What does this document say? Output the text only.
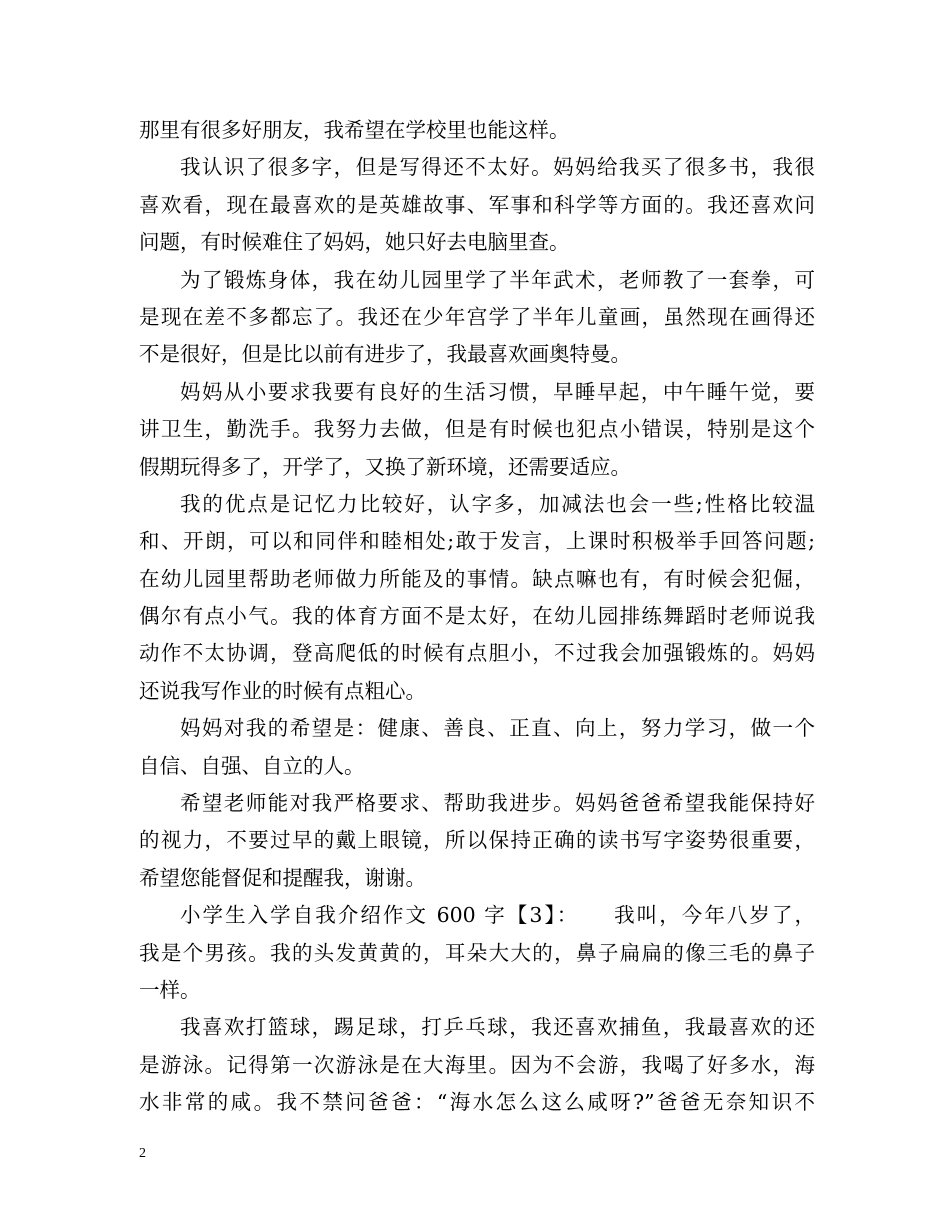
那里有很多好朋友，我希望在学校里也能这样。
我认识了很多字，但是写得还不太好。妈妈给我买了很多书，我很
喜欢看，现在最喜欢的是英雄故事、军事和科学等方面的。我还喜欢问
问题，有时候难住了妈妈，她只好去电脑里查。
为了锻炼身体，我在幼儿园里学了半年武术，老师教了一套拳，可
是现在差不多都忘了。我还在少年宫学了半年儿童画，虽然现在画得还
不是很好，但是比以前有进步了，我最喜欢画奥特曼。
妈妈从小要求我要有良好的生活习惯，早睡早起，中午睡午觉，要
讲卫生，勤洗手。我努力去做，但是有时候也犯点小错误，特别是这个
假期玩得多了，开学了，又换了新环境，还需要适应。
我的优点是记忆力比较好，认字多，加减法也会一些;性格比较温
和、开朗，可以和同伴和睦相处;敢于发言，上课时积极举手回答问题;
在幼儿园里帮助老师做力所能及的事情。缺点嘛也有，有时候会犯倔，
偶尔有点小气。我的体育方面不是太好，在幼儿园排练舞蹈时老师说我
动作不太协调，登高爬低的时候有点胆小，不过我会加强锻炼的。妈妈
还说我写作业的时候有点粗心。
妈妈对我的希望是：健康、善良、正直、向上，努力学习，做一个
自信、自强、自立的人。
希望老师能对我严格要求、帮助我进步。妈妈爸爸希望我能保持好
的视力，不要过早的戴上眼镜，所以保持正确的读书写字姿势很重要，
希望您能督促和提醒我，谢谢。
小学生入学自我介绍作文 600 字【3】：　　我叫，今年八岁了，
我是个男孩。我的头发黄黄的，耳朵大大的，鼻子扁扁的像三毛的鼻子
一样。
我喜欢打篮球，踢足球，打乒乓球，我还喜欢捕鱼，我最喜欢的还
是游泳。记得第一次游泳是在大海里。因为不会游，我喝了好多水，海
水非常的咸。我不禁问爸爸：“海水怎么这么咸呀?”爸爸无奈知识不
2
